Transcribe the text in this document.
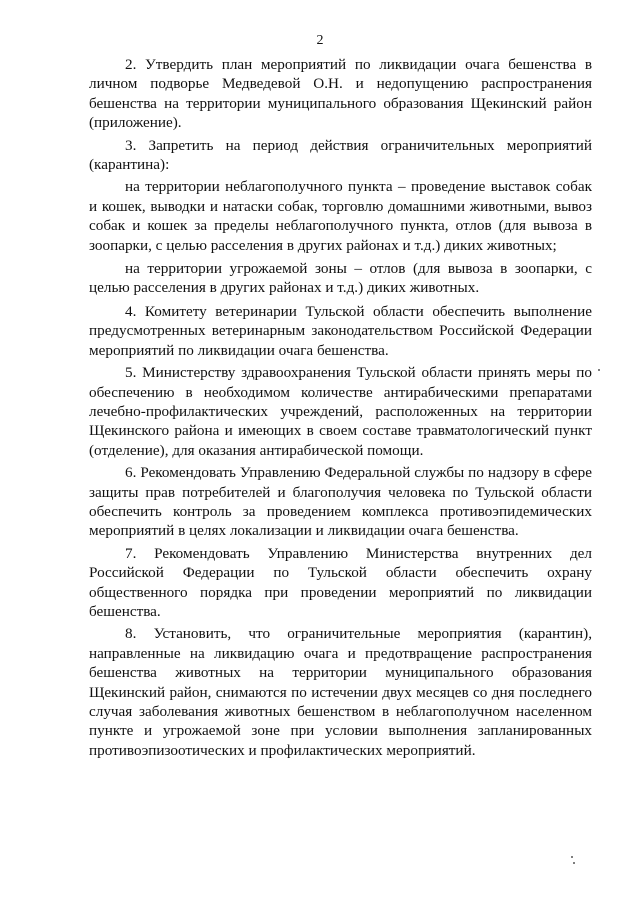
2

2. Утвердить план мероприятий по ликвидации очага бешенства в личном подворье Медведевой О.Н. и недопущению распространения бешенства на территории муниципального образования Щекинский район (приложение).

3. Запретить на период действия ограничительных мероприятий (карантина):

на территории неблагополучного пункта – проведение выставок собак и кошек, выводки и натаски собак, торговлю домашними животными, вывоз собак и кошек за пределы неблагополучного пункта, отлов (для вывоза в зоопарки, с целью расселения в других районах и т.д.) диких животных;

на территории угрожаемой зоны – отлов (для вывоза в зоопарки, с целью расселения в других районах и т.д.) диких животных.

4. Комитету ветеринарии Тульской области обеспечить выполнение предусмотренных ветеринарным законодательством Российской Федерации мероприятий по ликвидации очага бешенства.

5. Министерству здравоохранения Тульской области принять меры по обеспечению в необходимом количестве антирабическими препаратами лечебно-профилактических учреждений, расположенных на территории Щекинского района и имеющих в своем составе травматологический пункт (отделение), для оказания антирабической помощи.

6. Рекомендовать Управлению Федеральной службы по надзору в сфере защиты прав потребителей и благополучия человека по Тульской области обеспечить контроль за проведением комплекса противоэпидемических мероприятий в целях локализации и ликвидации очага бешенства.

7. Рекомендовать Управлению Министерства внутренних дел Российской Федерации по Тульской области обеспечить охрану общественного порядка при проведении мероприятий по ликвидации бешенства.

8. Установить, что ограничительные мероприятия (карантин), направленные на ликвидацию очага и предотвращение распространения бешенства животных на территории муниципального образования Щекинский район, снимаются по истечении двух месяцев со дня последнего случая заболевания животных бешенством в неблагополучном населенном пункте и угрожаемой зоне при условии выполнения запланированных противоэпизоотических и профилактических мероприятий.
